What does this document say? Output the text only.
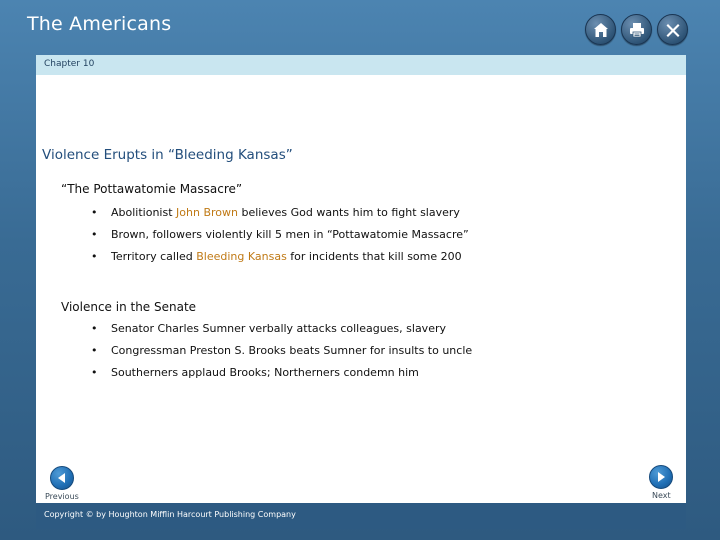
The Americans
Chapter 10
Violence Erupts in “Bleeding Kansas”
“The Pottawatomie Massacre”
• Abolitionist John Brown believes God wants him to fight slavery
• Brown, followers violently kill 5 men in “Pottawatomie Massacre”
• Territory called Bleeding Kansas for incidents that kill some 200
Violence in the Senate
• Senator Charles Sumner verbally attacks colleagues, slavery
• Congressman Preston S. Brooks beats Sumner for insults to uncle
• Southerners applaud Brooks; Northerners condemn him
Previous	Next
Copyright © by Houghton Mifflin Harcourt Publishing Company
